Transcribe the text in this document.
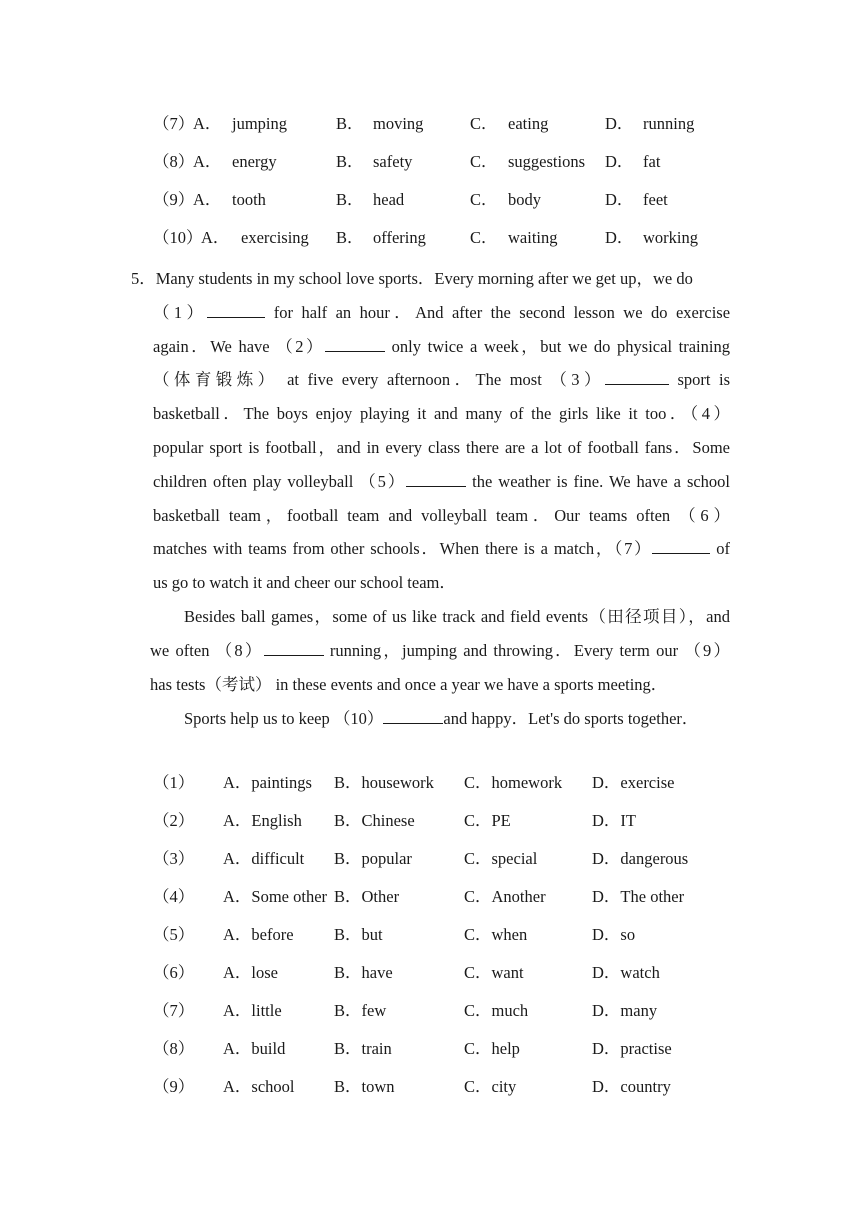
（7）
A． jumping	B． moving	C． eating	D． running
（8）
A． energy	B． safety	C． suggestions D． fat
（9）
A． tooth	B． head	C． body	D． feet
（10）
A． exercising B． offering	C． waiting	D． working
5．Many students in my school love sports．Every morning after we get up，we do
（1）	for half an hour．And after the second lesson we do exercise
again．We have （2）	only twice a week，but we do physical training
（体育锻炼） at five every afternoon．The most （3）	sport is
basketball．The boys enjoy playing it and many of the girls like it too．（4）
popular sport is football，and in every class there are a lot of football fans．Some
children often play volleyball （5）	the weather is fine. We have a school
basketball team，football team and volleyball team．Our teams often （6）
matches with teams from other schools．When there is a match，（7）	of
us go to watch it and cheer our school team．
Besides ball games，some of us like track and field events（田径项目），and
we often （8）	running，jumping and throwing．Every term our （9）
has tests（考试） in these events and once a year we have a sports meeting．
Sports help us to keep （10）	and happy．Let's do sports together．
（1） A．paintings B．housework C．homework D．exercise
（2） A．English B．Chinese	C．PE	D．IT
（3） A．difficult B．popular	C．special	D．dangerous
（4） A．Some other B．Other	C．Another	D．The other
（5） A．before B．but	C．when	D．so
（6） A．lose	B．have	C．want	D．watch
（7） A．little	B．few	C．much	D．many
（8） A．build	B．train	C．help	D．practise
（9） A．school B．town	C．city	D．country
